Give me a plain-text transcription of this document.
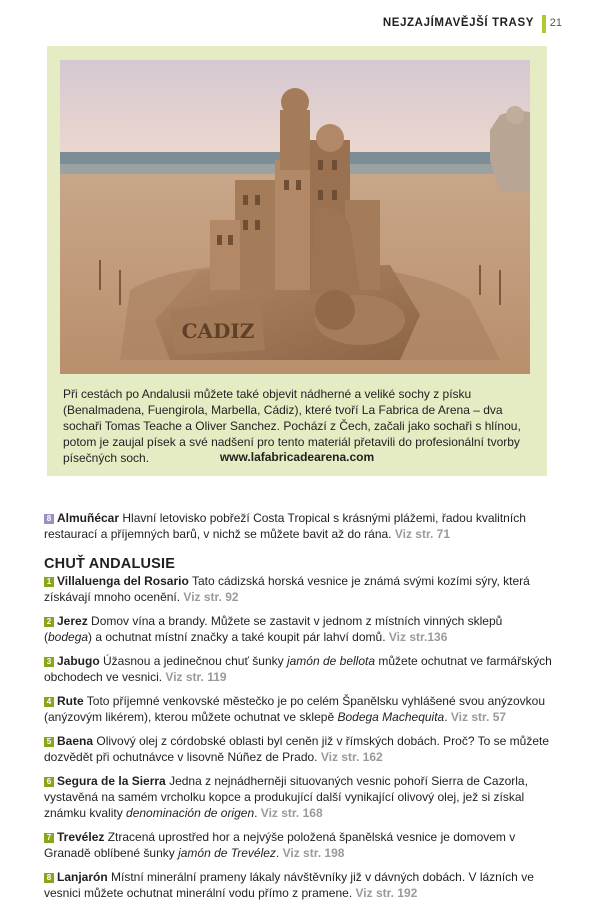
NEJZAJÍMAVĚJŠÍ TRASY 21
CADIZ
Při cestách po Andalusii můžete také objevit nádherné a veliké sochy z písku (Benalmadena, Fuengirola, Marbella, Cádiz), které tvoří La Fabrica de Arena – dva sochaři Tomas Teache a Oliver Sanchez. Pochází z Čech, začali jako sochaři s hlínou, potom je zaujal písek a své nadšení pro tento materiál přetavili do profesionální tvorby písečných soch.	www.lafabricadearena.com

8 Almuñécar Hlavní letovisko pobřeží Costa Tropical s krásnými plážemi, řadou kvalitních restaurací a příjemných barů, v nichž se můžete bavit až do rána. Viz str. 71

CHUŤ ANDALUSIE

1 Villaluenga del Rosario Tato cádizská horská vesnice je známá svými kozími sýry, která získávají mnoho ocenění. Viz str. 92

2 Jerez Domov vína a brandy. Můžete se zastavit v jednom z místních vinných sklepů (bodega) a ochutnat místní značky a také koupit pár lahví domů. Viz str.136

3 Jabugo Úžasnou a jedinečnou chuť šunky jamón de bellota můžete ochutnat ve farmářských obchodech ve vesnici. Viz str. 119

4 Rute Toto příjemné venkovské městečko je po celém Španělsku vyhlášené svou anýzovkou (anýzovým likérem), kterou můžete ochutnat ve sklepě Bodega Machequita. Viz str. 57

5 Baena Olivový olej z córdobské oblasti byl ceněn již v římských dobách. Proč? To se můžete dozvědět při ochutnávce v lisovně Núñez de Prado. Viz str. 162

6 Segura de la Sierra Jedna z nejnádherněji situovaných vesnic pohoří Sierra de Cazorla, vystavěná na samém vrcholku kopce a produkující další vynikající olivový olej, jež si získal známku kvality denominación de origen. Viz str. 168

7 Trevélez Ztracená uprostřed hor a nejvýše položená španělská vesnice je domovem v Granadě oblíbené šunky jamón de Trevélez. Viz str. 198

8 Lanjarón Místní minerální prameny lákaly návštěvníky již v dávných dobách. V lázních ve vesnici můžete ochutnat minerální vodu přímo z pramene. Viz str. 192
